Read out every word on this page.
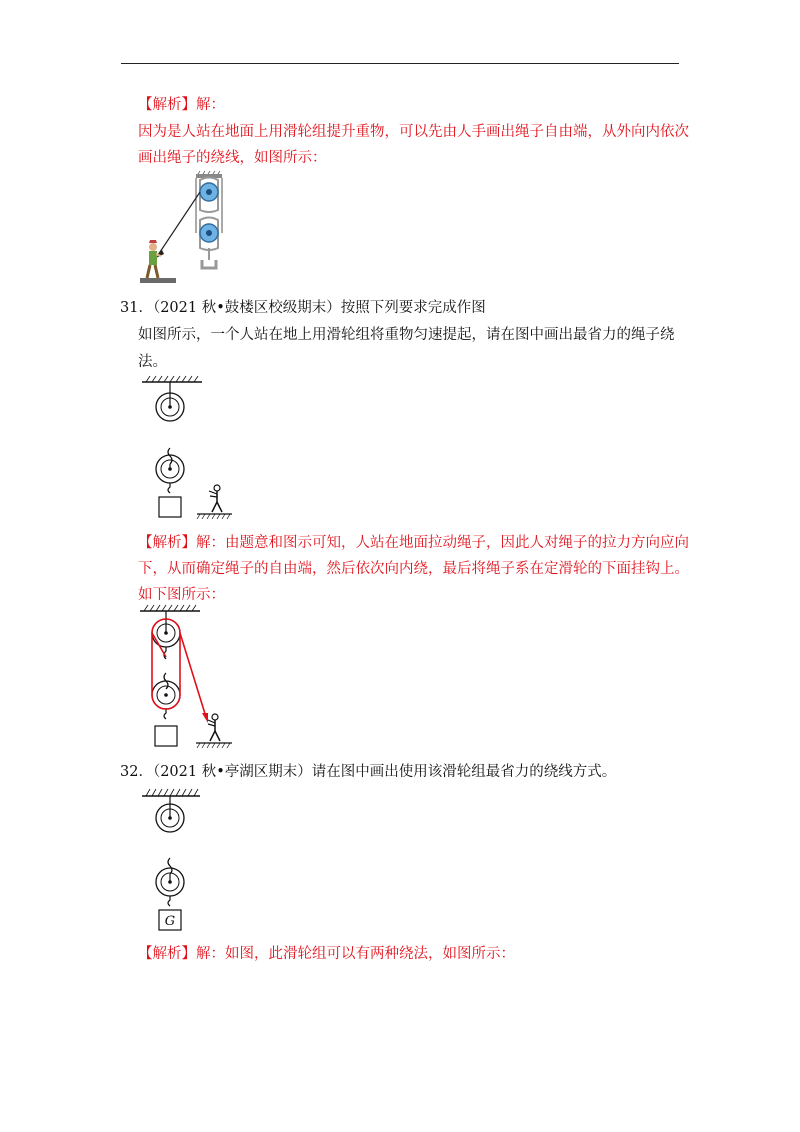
【解析】解：
因为是人站在地面上用滑轮组提升重物，可以先由人手画出绳子自由端，从外向内依次
画出绳子的绕线，如图所示：
31．（2021 秋•鼓楼区校级期末）按照下列要求完成作图
如图所示，一个人站在地上用滑轮组将重物匀速提起，请在图中画出最省力的绳子绕
法。
【解析】解：由题意和图示可知，人站在地面拉动绳子，因此人对绳子的拉力方向应向
下，从而确定绳子的自由端，然后依次向内绕，最后将绳子系在定滑轮的下面挂钩上。
如下图所示：
32．（2021 秋•亭湖区期末）请在图中画出使用该滑轮组最省力的绕线方式。
G
【解析】解：如图，此滑轮组可以有两种绕法，如图所示：
